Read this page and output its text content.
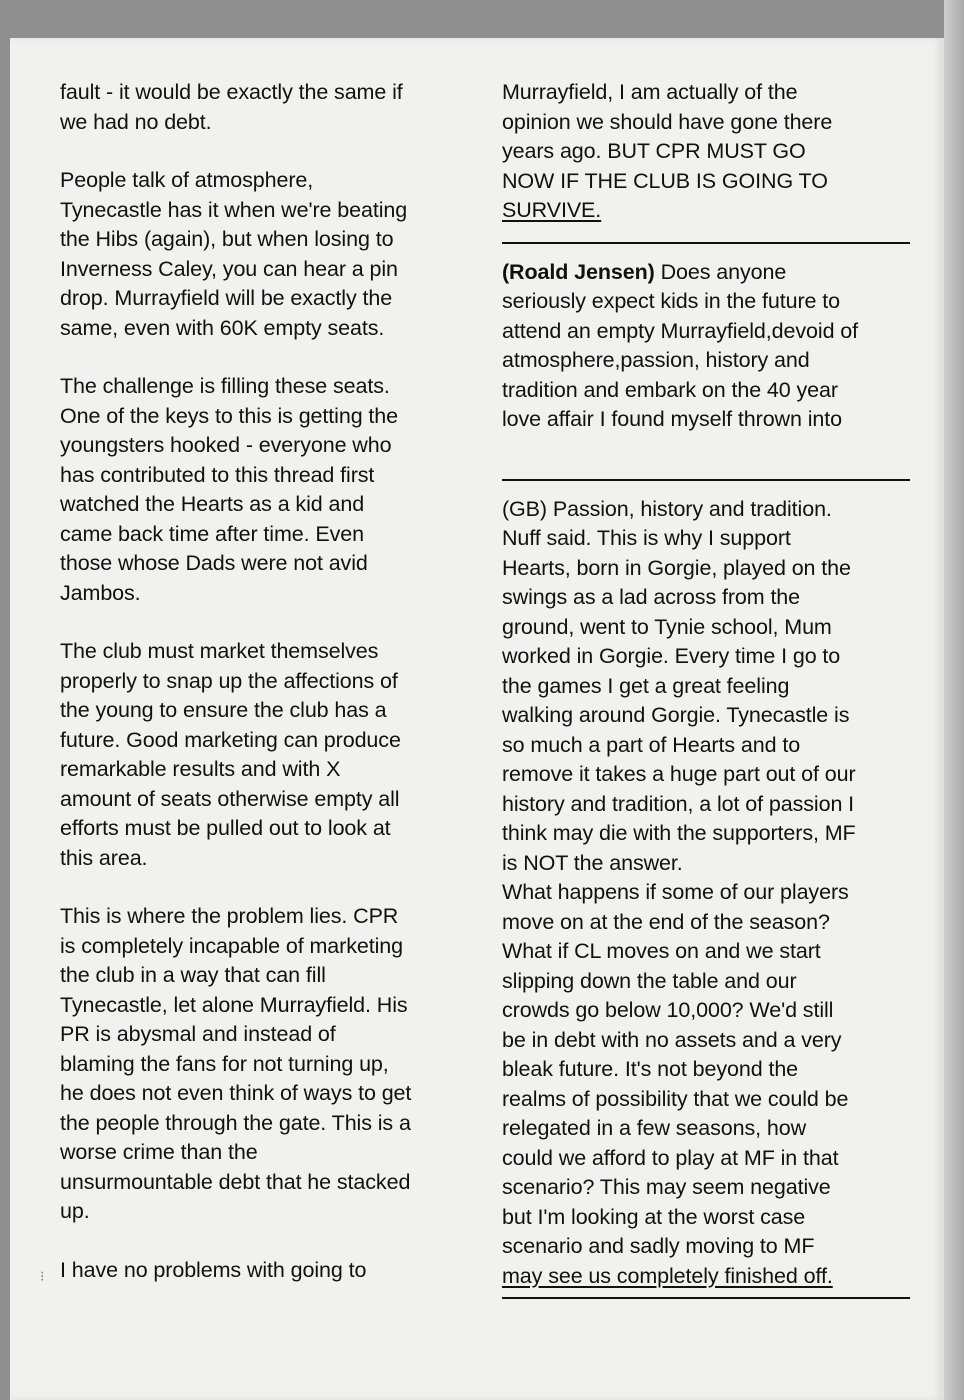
fault - it would be exactly the same if
we had no debt.

People talk of atmosphere,
Tynecastle has it when we're beating
the Hibs (again), but when losing to
Inverness Caley, you can hear a pin
drop. Murrayfield will be exactly the
same, even with 60K empty seats.

The challenge is filling these seats.
One of the keys to this is getting the
youngsters hooked - everyone who
has contributed to this thread first
watched the Hearts as a kid and
came back time after time. Even
those whose Dads were not avid
Jambos.

The club must market themselves
properly to snap up the affections of
the young to ensure the club has a
future. Good marketing can produce
remarkable results and with X
amount of seats otherwise empty all
efforts must be pulled out to look at
this area.

This is where the problem lies. CPR
is completely incapable of marketing
the club in a way that can fill
Tynecastle, let alone Murrayfield. His
PR is abysmal and instead of
blaming the fans for not turning up,
he does not even think of ways to get
the people through the gate. This is a
worse crime than the
unsurmountable debt that he stacked
up.

I have no problems with going to

Murrayfield, I am actually of the
opinion we should have gone there
years ago. BUT CPR MUST GO
NOW IF THE CLUB IS GOING TO

SURVIVE.

(Roald Jensen) Does anyone
seriously expect kids in the future to
attend an empty Murrayfield,devoid of
atmosphere,passion, history and
tradition and embark on the 40 year
love affair I found myself thrown into

(GB) Passion, history and tradition.
Nuff said. This is why I support
Hearts, born in Gorgie, played on the
swings as a lad across from the
ground, went to Tynie school, Mum
worked in Gorgie. Every time I go to
the games I get a great feeling
walking around Gorgie. Tynecastle is
so much a part of Hearts and to
remove it takes a huge part out of our
history and tradition, a lot of passion I
think may die with the supporters, MF
is NOT the answer.
What happens if some of our players
move on at the end of the season?
What if CL moves on and we start
slipping down the table and our
crowds go below 10,000? We'd still
be in debt with no assets and a very
bleak future. It's not beyond the
realms of possibility that we could be
relegated in a few seasons, how
could we afford to play at MF in that
scenario? This may seem negative
but I'm looking at the worst case
scenario and sadly moving to MF

may see us completely finished off.

⁝
